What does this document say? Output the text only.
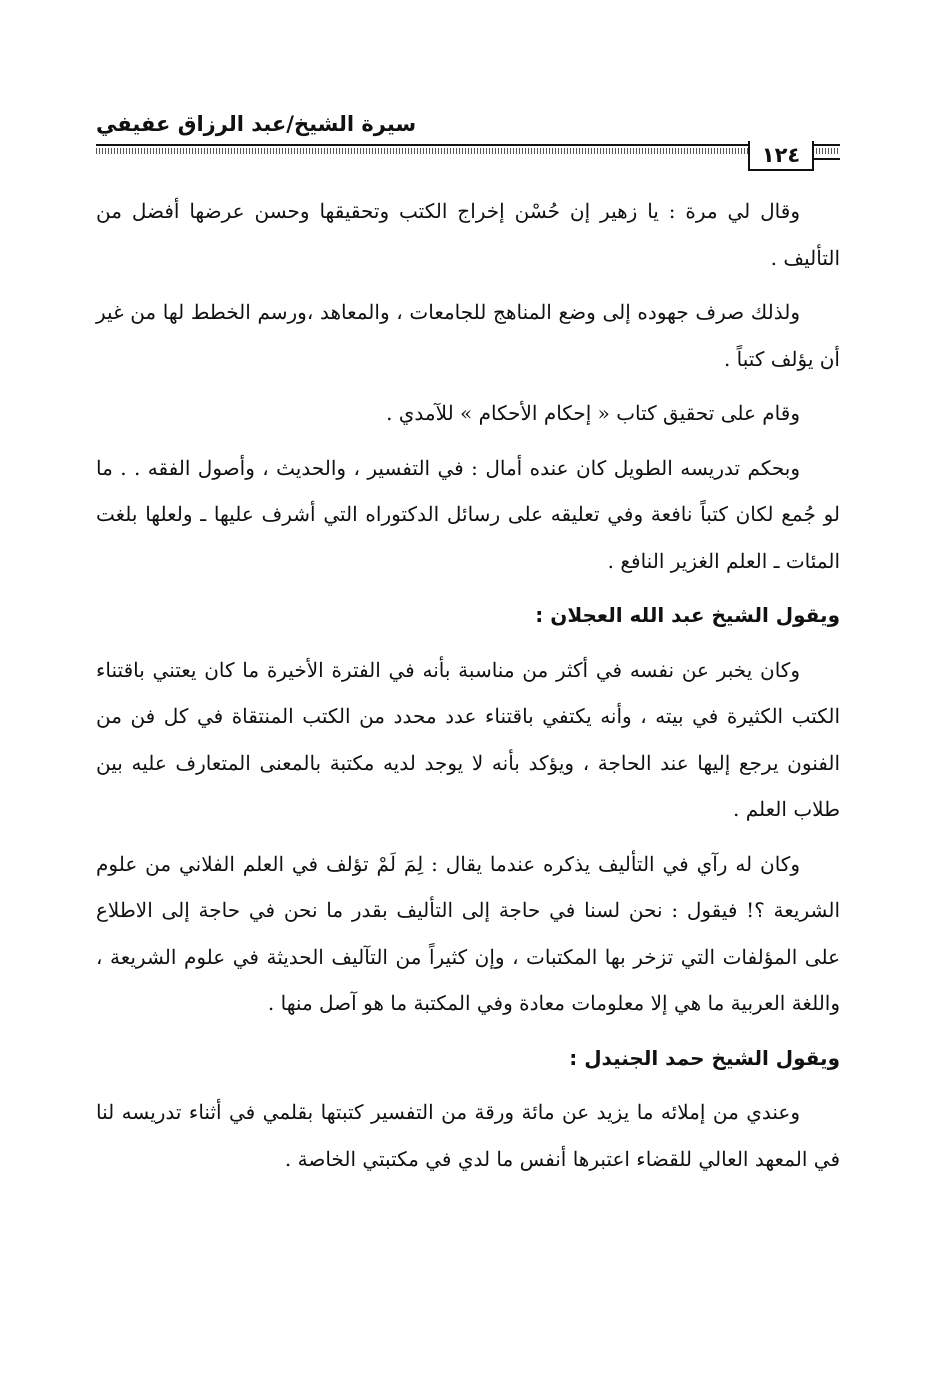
سيرة الشيخ/عبد الرزاق عفيفي
١٢٤

وقال لي مرة : يا زهير إن حُسْن إخراج الكتب وتحقيقها وحسن عرضها أفضل من التأليف .

ولذلك صرف جهوده إلى وضع المناهج للجامعات ، والمعاهد ،ورسم الخطط لها من غير أن يؤلف كتباً .

وقام على تحقيق كتاب « إحكام الأحكام » للآمدي .

وبحكم تدريسه الطويل كان عنده أمال : في التفسير ، والحديث ، وأصول الفقه . . ما لو جُمع لكان كتباً نافعة وفي تعليقه على رسائل الدكتوراه التي أشرف عليها ـ ولعلها بلغت المئات ـ العلم الغزير النافع .

ويقول الشيخ عبد الله العجلان :

وكان يخبر عن نفسه في أكثر من مناسبة بأنه في الفترة الأخيرة ما كان يعتني باقتناء الكتب الكثيرة في بيته ، وأنه يكتفي باقتناء عدد محدد من الكتب المنتقاة في كل فن من الفنون يرجع إليها عند الحاجة ، ويؤكد بأنه لا يوجد لديه مكتبة بالمعنى المتعارف عليه بين طلاب العلم .

وكان له رآي في التأليف يذكره عندما يقال : لِمَ لَمْ تؤلف في العلم الفلاني من علوم الشريعة ؟! فيقول : نحن لسنا في حاجة إلى التأليف بقدر ما نحن في حاجة إلى الاطلاع على المؤلفات التي تزخر بها المكتبات ، وإن كثيراً من التآليف الحديثة في علوم الشريعة ، واللغة العربية ما هي إلا معلومات معادة وفي المكتبة ما هو آصل منها .

ويقول الشيخ حمد الجنيدل :

وعندي من إملائه ما يزيد عن مائة ورقة من التفسير كتبتها بقلمي في أثناء تدريسه لنا في المعهد العالي للقضاء اعتبرها أنفس ما لدي في مكتبتي الخاصة .
